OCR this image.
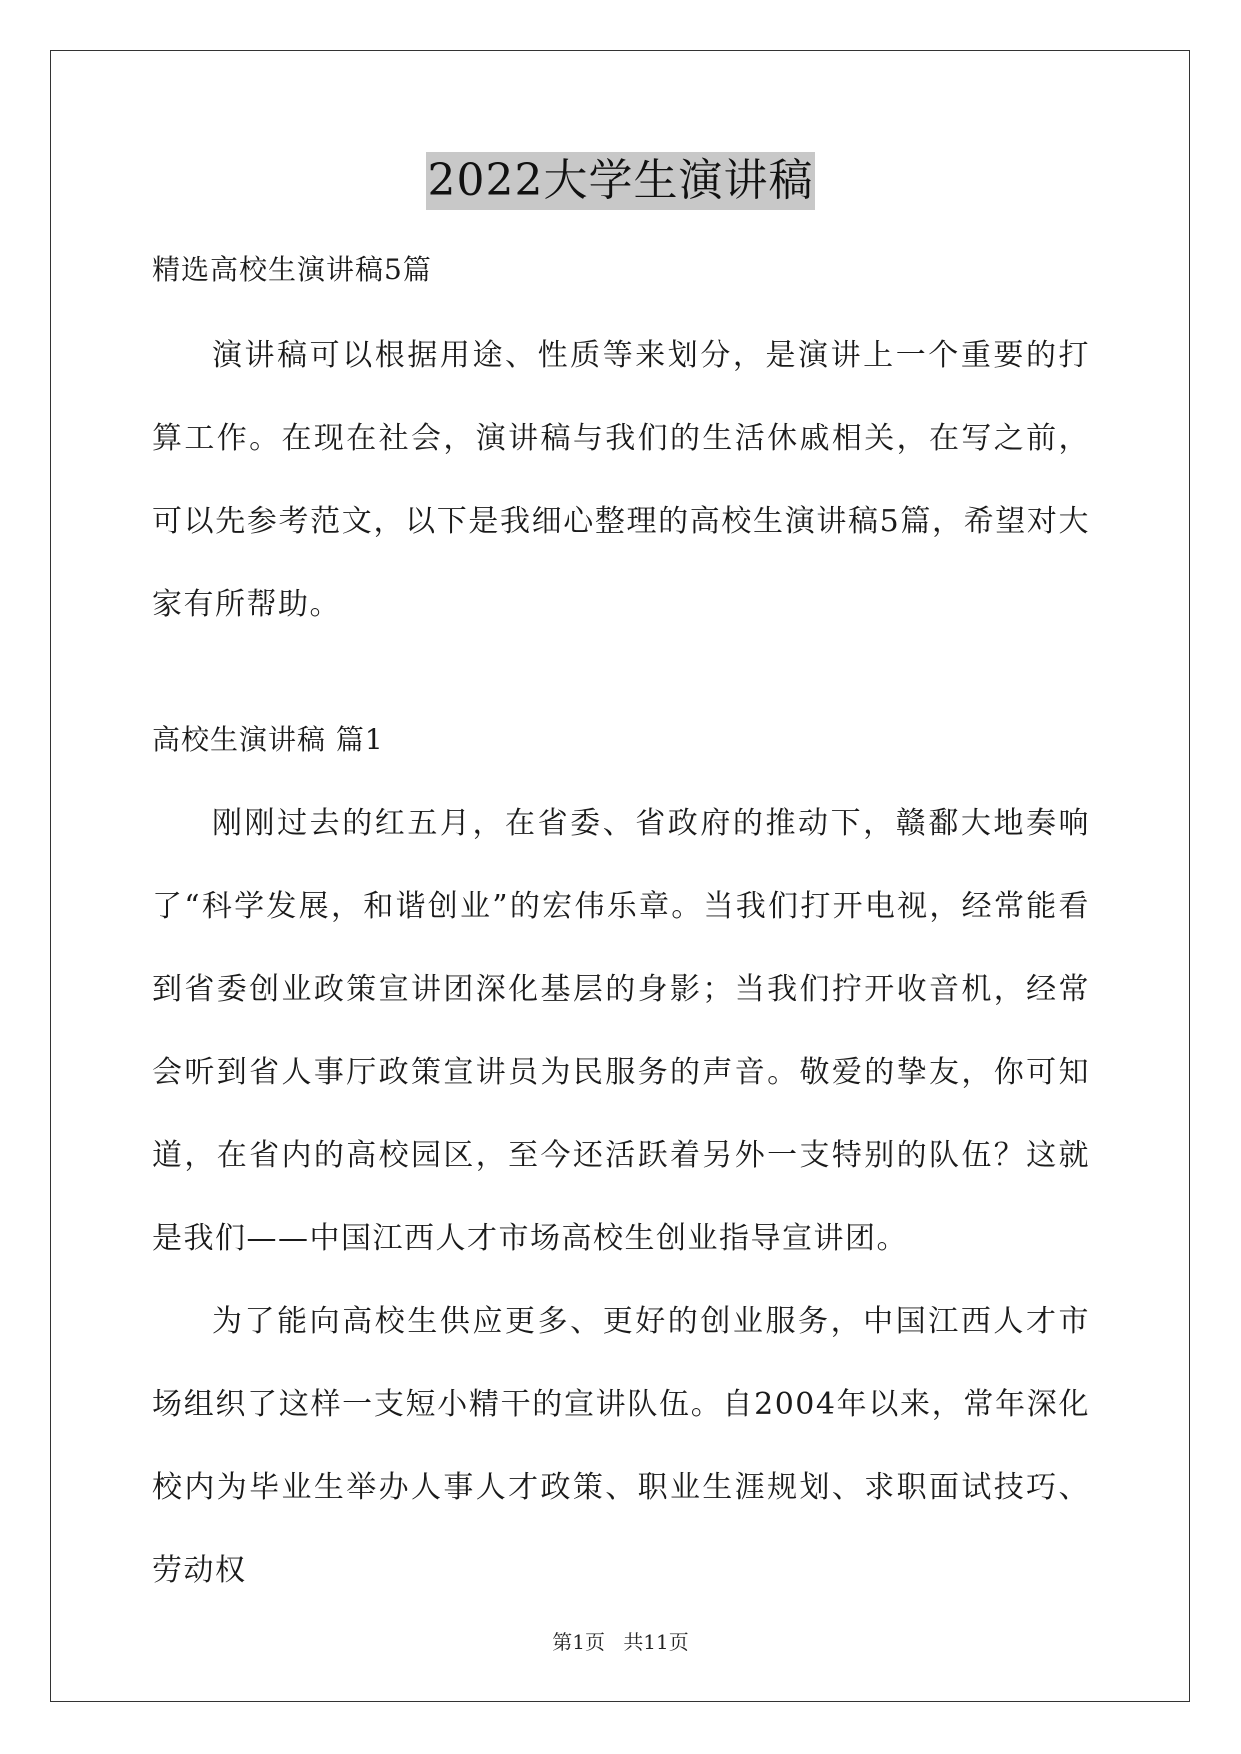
2022大学生演讲稿

精选高校生演讲稿5篇

演讲稿可以根据用途、性质等来划分，是演讲上一个重要的打算工作。在现在社会，演讲稿与我们的生活休戚相关，在写之前，可以先参考范文，以下是我细心整理的高校生演讲稿5篇，希望对大家有所帮助。

高校生演讲稿 篇1

刚刚过去的红五月，在省委、省政府的推动下，赣鄱大地奏响了“科学发展，和谐创业”的宏伟乐章。当我们打开电视，经常能看到省委创业政策宣讲团深化基层的身影；当我们拧开收音机，经常会听到省人事厅政策宣讲员为民服务的声音。敬爱的挚友，你可知道，在省内的高校园区，至今还活跃着另外一支特别的队伍？这就是我们——中国江西人才市场高校生创业指导宣讲团。

为了能向高校生供应更多、更好的创业服务，中国江西人才市场组织了这样一支短小精干的宣讲队伍。自2004年以来，常年深化校内为毕业生举办人事人才政策、职业生涯规划、求职面试技巧、劳动权

第1页 共11页
